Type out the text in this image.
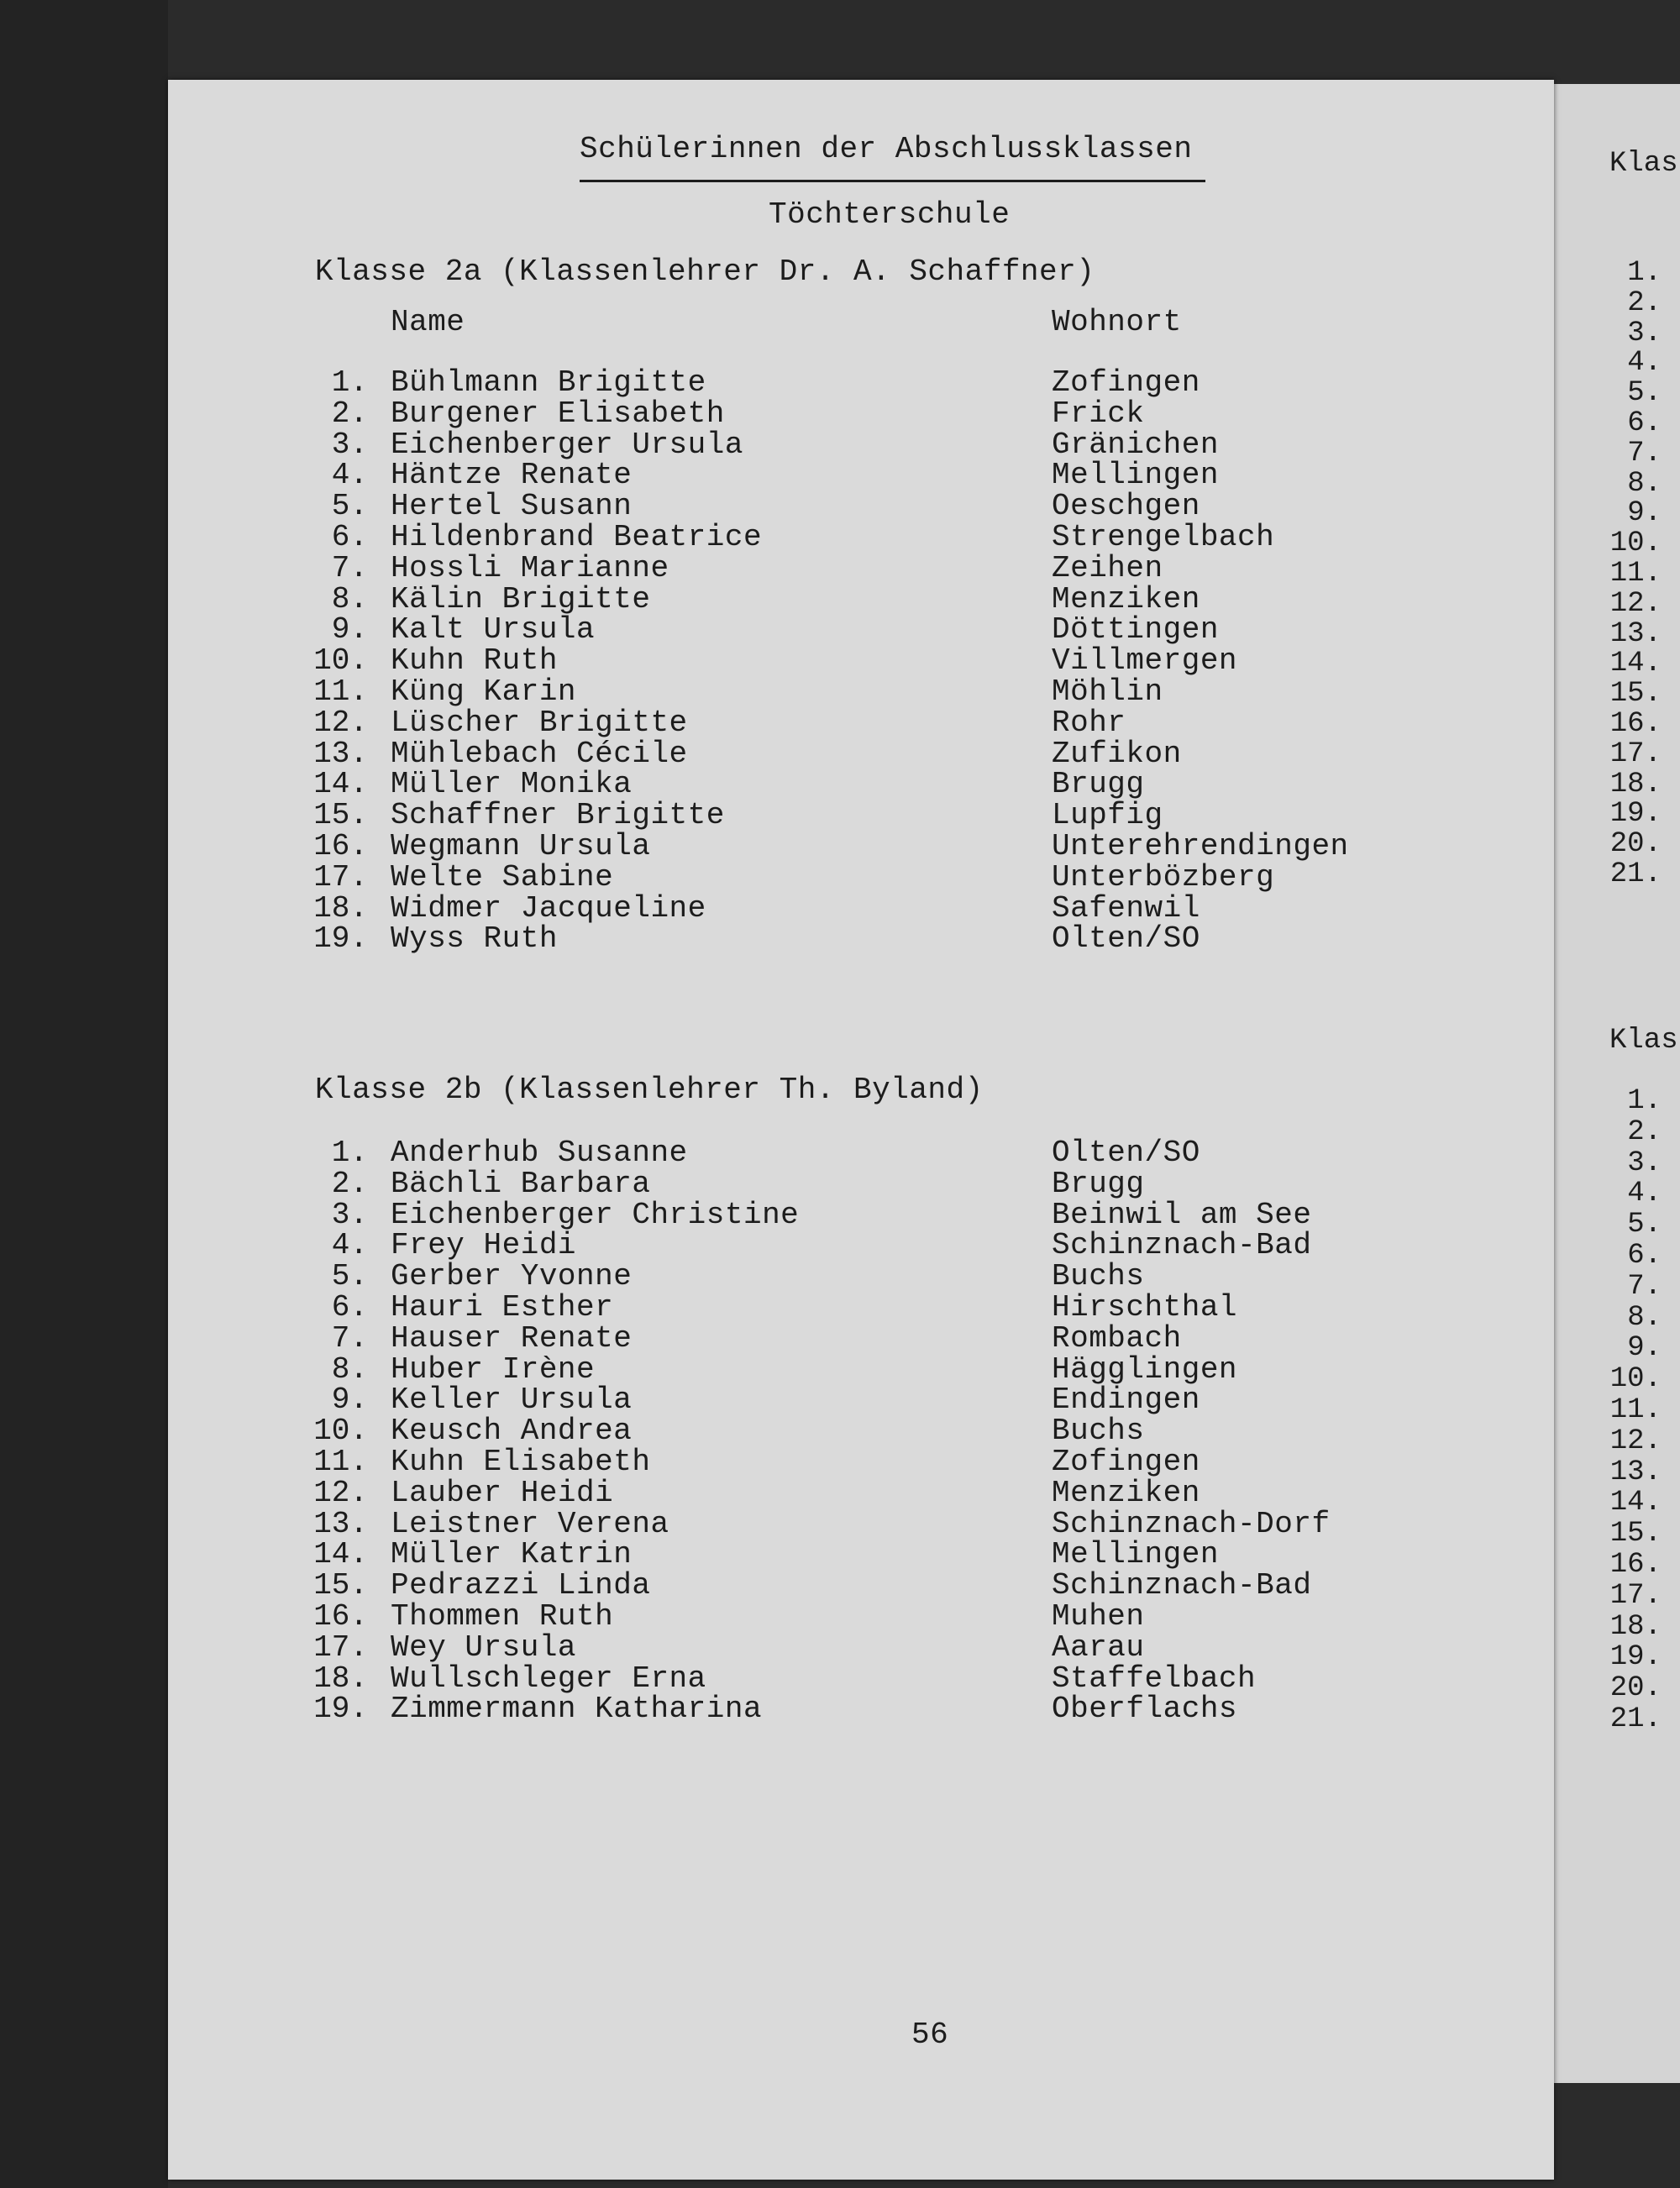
Schülerinnen der Abschlussklassen
Töchterschule
Klasse 2a (Klassenlehrer Dr. A. Schaffner)
Name	Wohnort
1. Bühlmann Brigitte	Zofingen
2. Burgener Elisabeth	Frick
3. Eichenberger Ursula	Gränichen
4. Häntze Renate	Mellingen
5. Hertel Susann	Oeschgen
6. Hildenbrand Beatrice	Strengelbach
7. Hossli Marianne	Zeihen
8. Kälin Brigitte	Menziken
9. Kalt Ursula	Döttingen
10. Kuhn Ruth	Villmergen
11. Küng Karin	Möhlin
12. Lüscher Brigitte	Rohr
13. Mühlebach Cécile	Zufikon
14. Müller Monika	Brugg
15. Schaffner Brigitte	Lupfig
16. Wegmann Ursula	Unterehrendingen
17. Welte Sabine	Unterbözberg
18. Widmer Jacqueline	Safenwil
19. Wyss Ruth	Olten/SO
Klasse 2b (Klassenlehrer Th. Byland)
1. Anderhub Susanne	Olten/SO
2. Bächli Barbara	Brugg
3. Eichenberger Christine	Beinwil am See
4. Frey Heidi	Schinznach-Bad
5. Gerber Yvonne	Buchs
6. Hauri Esther	Hirschthal
7. Hauser Renate	Rombach
8. Huber Irène	Hägglingen
9. Keller Ursula	Endingen
10. Keusch Andrea	Buchs
11. Kuhn Elisabeth	Zofingen
12. Lauber Heidi	Menziken
13. Leistner Verena	Schinznach-Dorf
14. Müller Katrin	Mellingen
15. Pedrazzi Linda	Schinznach-Bad
16. Thommen Ruth	Muhen
17. Wey Ursula	Aarau
18. Wullschleger Erna	Staffelbach
19. Zimmermann Katharina	Oberflachs
56
Klas
Klas
1.
2.
3.
4.
5.
6.
7.
8.
9.
10.
11.
12.
13.
14.
15.
16.
17.
18.
19.
20.
21.
1.
2.
3.
4.
5.
6.
7.
8.
9.
10.
11.
12.
13.
14.
15.
16.
17.
18.
19.
20.
21.
